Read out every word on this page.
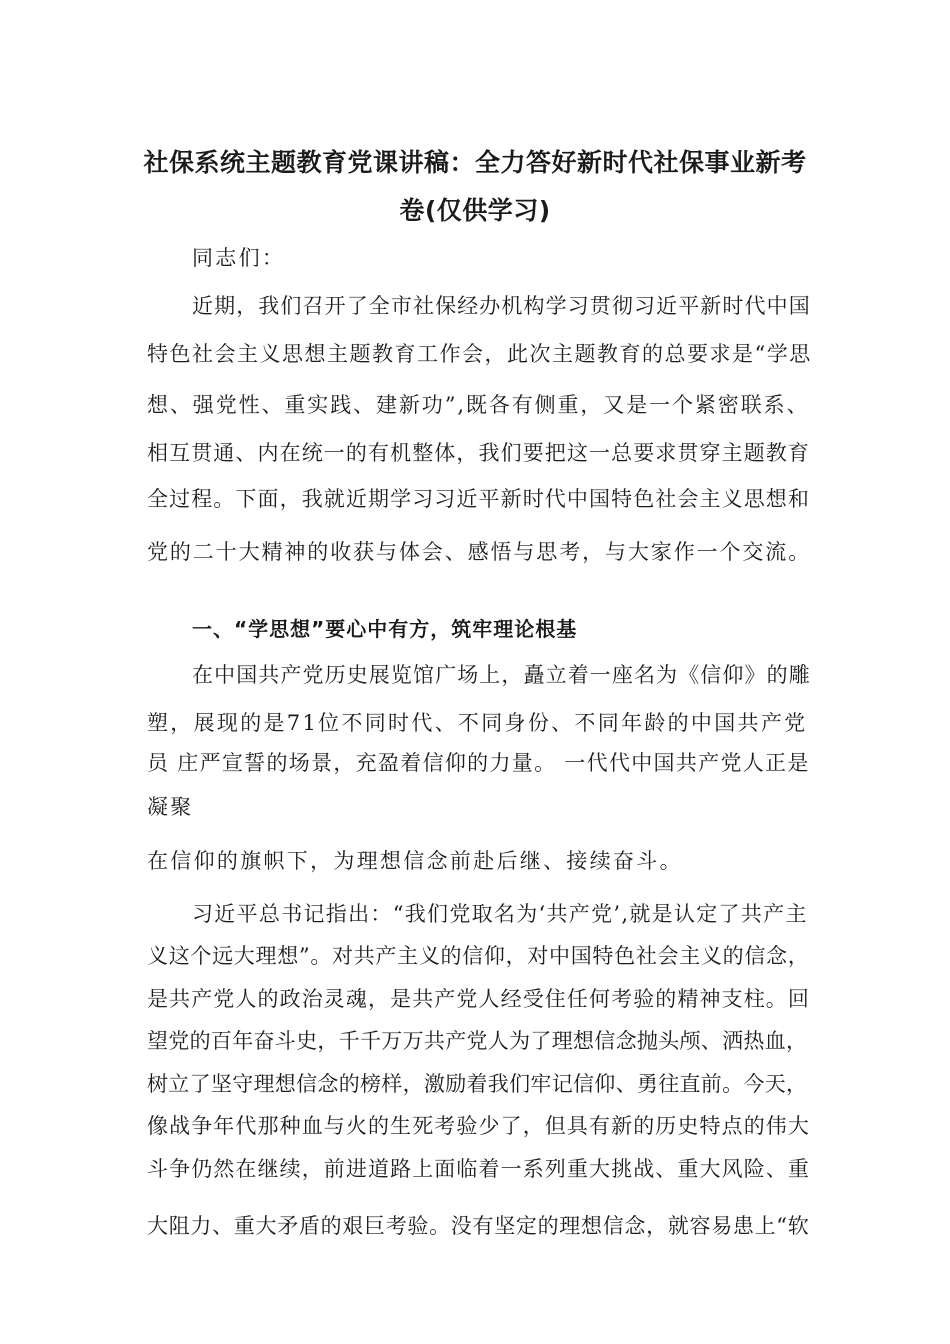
社保系统主题教育党课讲稿：全力答好新时代社保事业新考
卷(仅供学习)
同志们：
近期，我们召开了全市社保经办机构学习贯彻习近平新时代中国
特色社会主义思想主题教育工作会，此次主题教育的总要求是“学思
想、强党性、重实践、建新功”,既各有侧重，又是一个紧密联系、
相互贯通、内在统一的有机整体，我们要把这一总要求贯穿主题教育
全过程。下面，我就近期学习习近平新时代中国特色社会主义思想和
党的二十大精神的收获与体会、感悟与思考，与大家作一个交流。
一、“学思想”要心中有方，筑牢理论根基
在中国共产党历史展览馆广场上，矗立着一座名为《信仰》的雕
塑，展现的是71位不同时代、不同身份、不同年龄的中国共产党
员 庄严宣誓的场景，充盈着信仰的力量。 一代代中国共产党人正是
凝聚
在信仰的旗帜下，为理想信念前赴后继、接续奋斗。
习近平总书记指出：“我们党取名为‘共产党’,就是认定了共产主
义这个远大理想”。对共产主义的信仰，对中国特色社会主义的信念，
是共产党人的政治灵魂，是共产党人经受住任何考验的精神支柱。回
望党的百年奋斗史，千千万万共产党人为了理想信念抛头颅、洒热血，
树立了坚守理想信念的榜样，激励着我们牢记信仰、勇往直前。今天，
像战争年代那种血与火的生死考验少了，但具有新的历史特点的伟大
斗争仍然在继续，前进道路上面临着一系列重大挑战、重大风险、重
大阻力、重大矛盾的艰巨考验。没有坚定的理想信念，就容易患上“软
